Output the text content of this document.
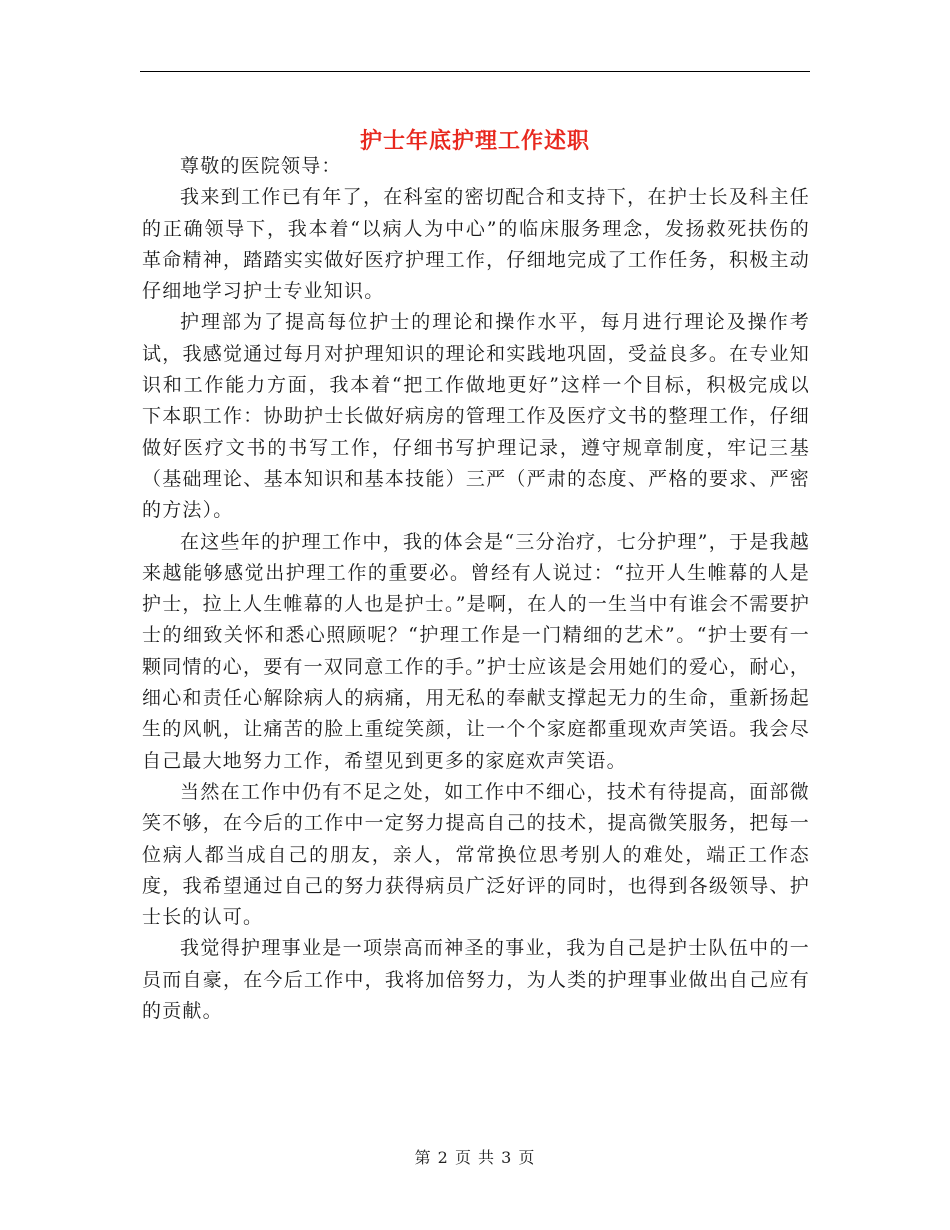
护士年底护理工作述职

尊敬的医院领导：

我来到工作已有年了，在科室的密切配合和支持下，在护士长及科主任的正确领导下，我本着“以病人为中心”的临床服务理念，发扬救死扶伤的革命精神，踏踏实实做好医疗护理工作，仔细地完成了工作任务，积极主动仔细地学习护士专业知识。

护理部为了提高每位护士的理论和操作水平，每月进行理论及操作考试，我感觉通过每月对护理知识的理论和实践地巩固，受益良多。在专业知识和工作能力方面，我本着“把工作做地更好”这样一个目标，积极完成以下本职工作：协助护士长做好病房的管理工作及医疗文书的整理工作，仔细做好医疗文书的书写工作，仔细书写护理记录，遵守规章制度，牢记三基（基础理论、基本知识和基本技能）三严（严肃的态度、严格的要求、严密的方法）。

在这些年的护理工作中，我的体会是“三分治疗，七分护理”，于是我越来越能够感觉出护理工作的重要必。曾经有人说过：“拉开人生帷幕的人是护士，拉上人生帷幕的人也是护士。”是啊，在人的一生当中有谁会不需要护士的细致关怀和悉心照顾呢？“护理工作是一门精细的艺术”。“护士要有一颗同情的心，要有一双同意工作的手。”护士应该是会用她们的爱心，耐心，细心和责任心解除病人的病痛，用无私的奉献支撑起无力的生命，重新扬起生的风帆，让痛苦的脸上重绽笑颜，让一个个家庭都重现欢声笑语。我会尽自己最大地努力工作，希望见到更多的家庭欢声笑语。

当然在工作中仍有不足之处，如工作中不细心，技术有待提高，面部微笑不够，在今后的工作中一定努力提高自己的技术，提高微笑服务，把每一位病人都当成自己的朋友，亲人，常常换位思考别人的难处，端正工作态度，我希望通过自己的努力获得病员广泛好评的同时，也得到各级领导、护士长的认可。

我觉得护理事业是一项崇高而神圣的事业，我为自己是护士队伍中的一员而自豪，在今后工作中，我将加倍努力，为人类的护理事业做出自己应有的贡献。

第 2 页 共 3 页
